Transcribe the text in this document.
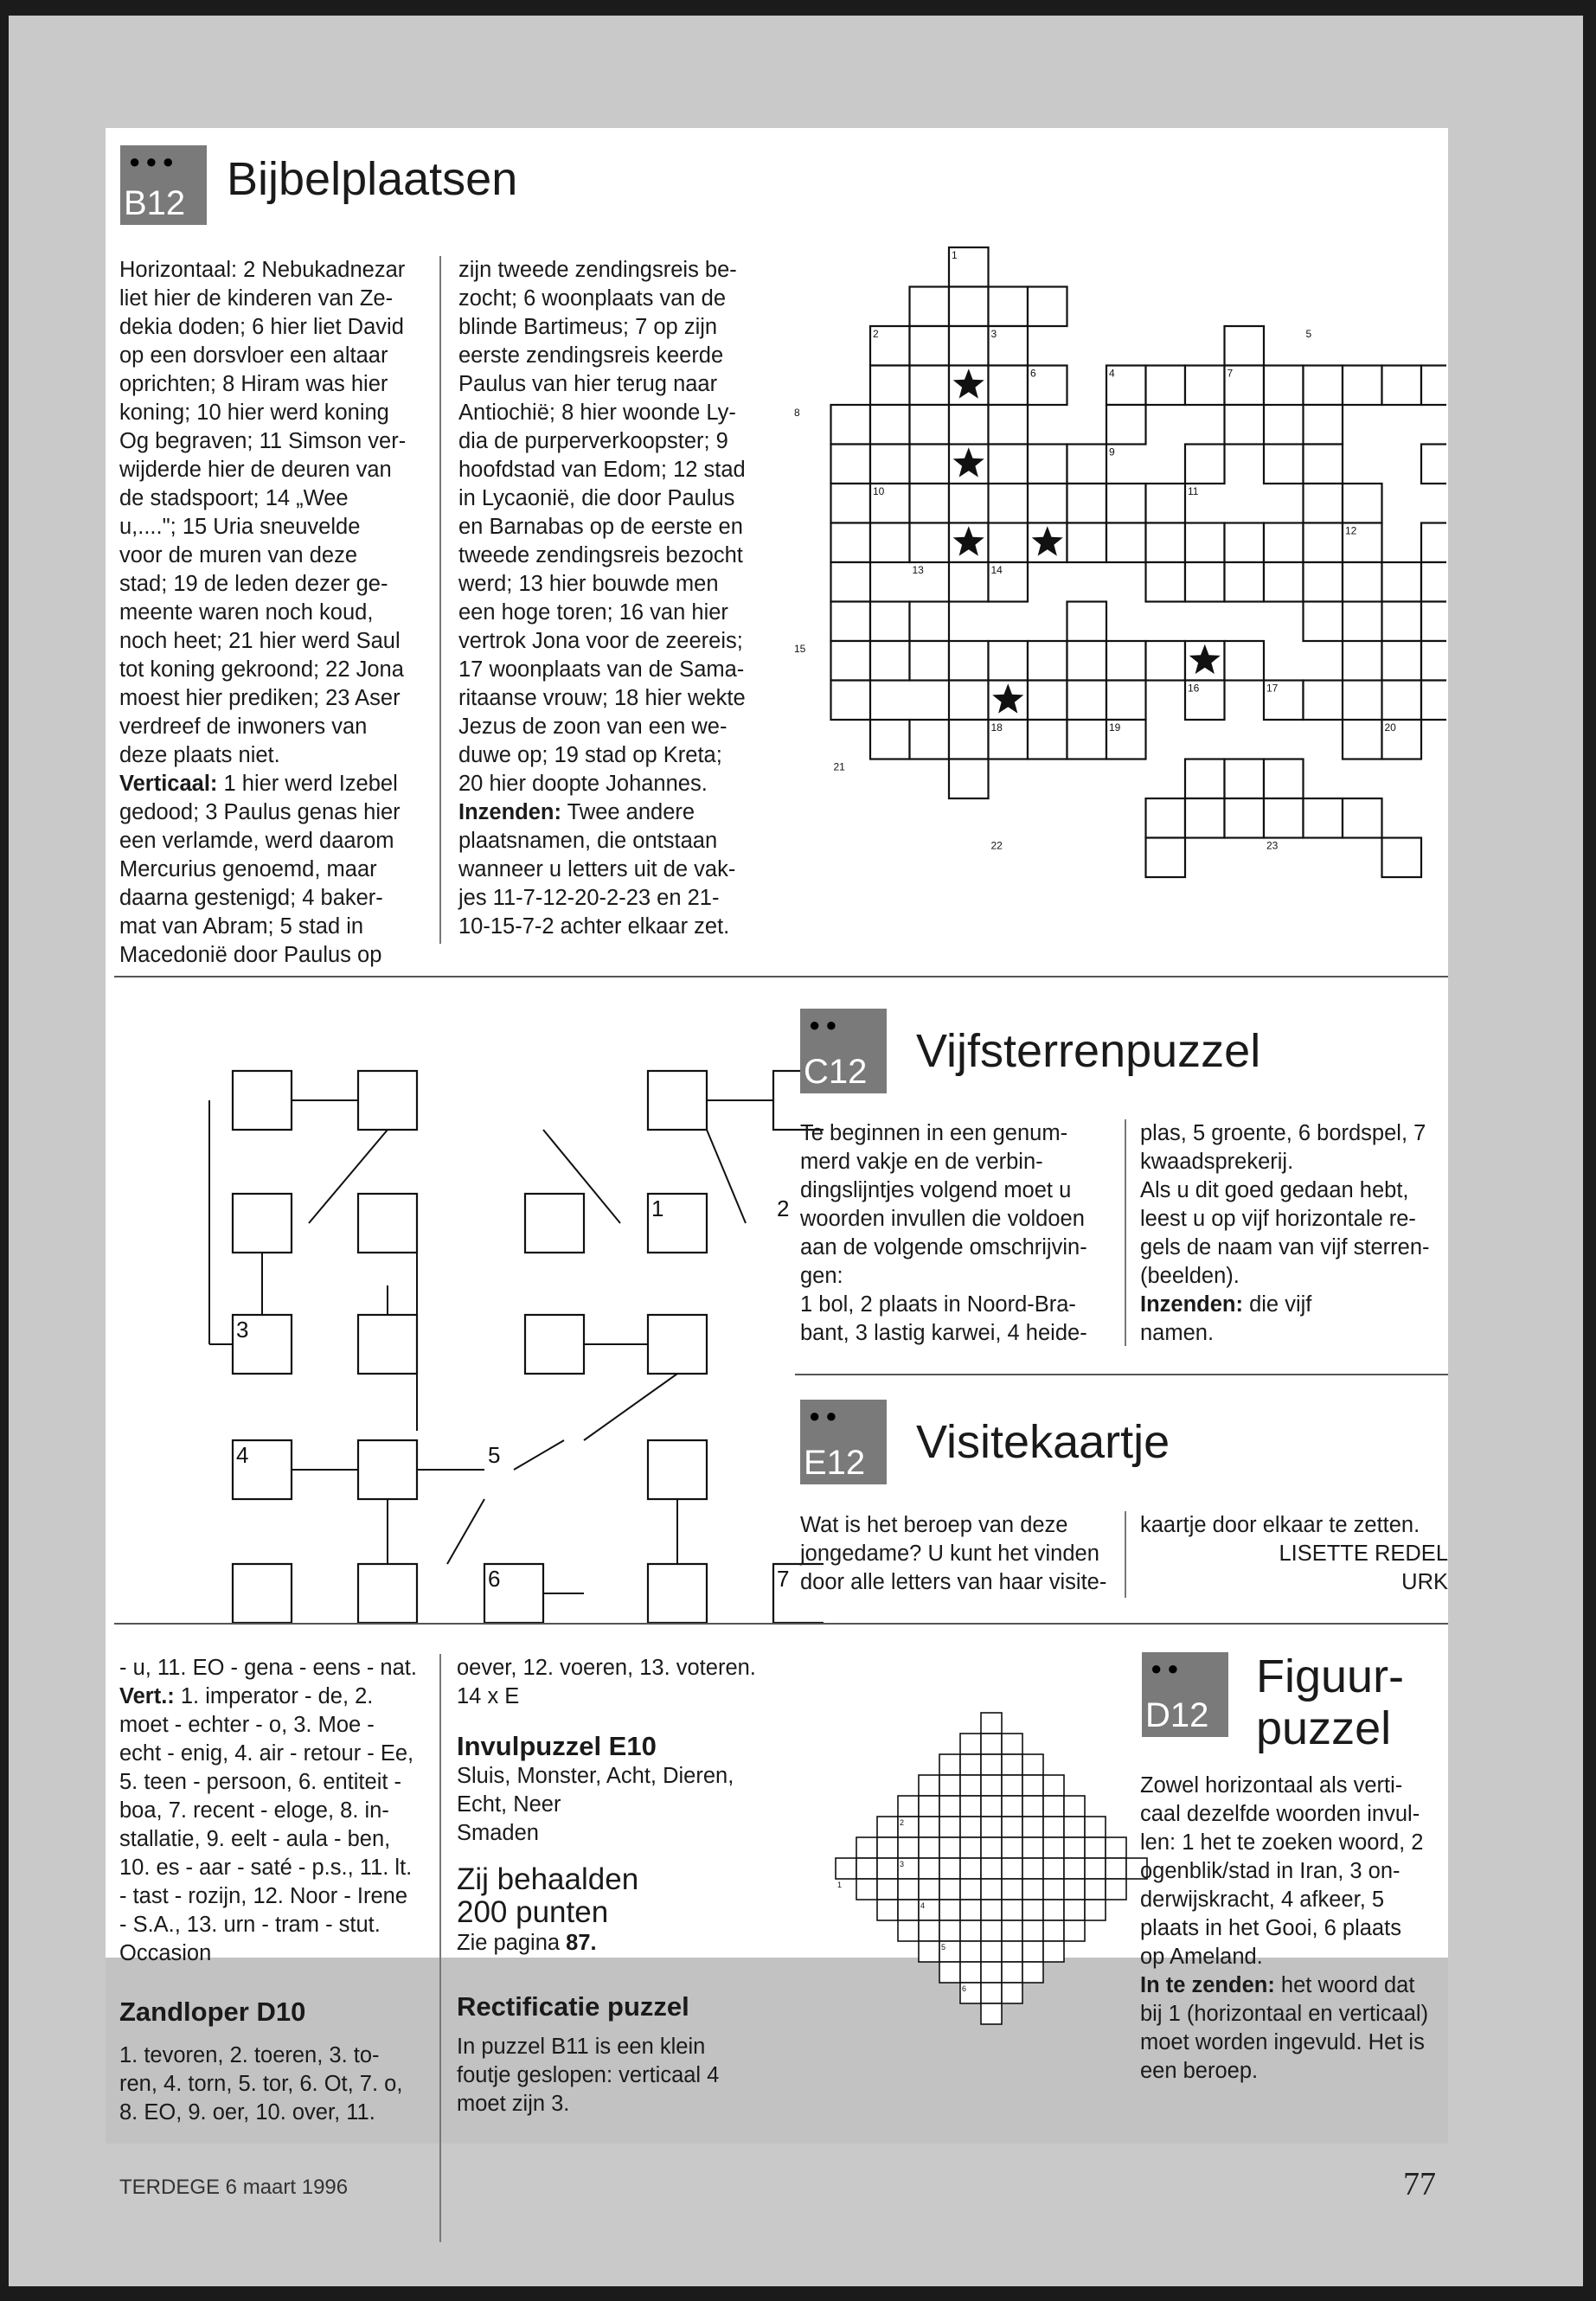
●●●
B12 Bijbelplaatsen
Horizontaal: 2 Nebukadnezar
liet hier de kinderen van Ze-
dekia doden; 6 hier liet David
op een dorsvloer een altaar
oprichten; 8 Hiram was hier
koning; 10 hier werd koning
Og begraven; 11 Simson ver-
wijderde hier de deuren van
de stadspoort; 14 „Wee
u,...."; 15 Uria sneuvelde
voor de muren van deze
stad; 19 de leden dezer ge-
meente waren noch koud,
noch heet; 21 hier werd Saul
tot koning gekroond; 22 Jona
moest hier prediken; 23 Aser
verdreef de inwoners van
deze plaats niet.
Verticaal: 1 hier werd Izebel
gedood; 3 Paulus genas hier
een verlamde, werd daarom
Mercurius genoemd, maar
daarna gestenigd; 4 baker-
mat van Abram; 5 stad in
Macedonië door Paulus op
zijn tweede zendingsreis be-
zocht; 6 woonplaats van de
blinde Bartimeus; 7 op zijn
eerste zendingsreis keerde
Paulus van hier terug naar
Antiochië; 8 hier woonde Ly-
dia de purperverkoopster; 9
hoofdstad van Edom; 12 stad
in Lycaonië, die door Paulus
en Barnabas op de eerste en
tweede zendingsreis bezocht
werd; 13 hier bouwde men
een hoge toren; 16 van hier
vertrok Jona voor de zeereis;
17 woonplaats van de Sama-
ritaanse vrouw; 18 hier wekte
Jezus de zoon van een we-
duwe op; 19 stad op Kreta;
20 hier doopte Johannes.
Inzenden: Twee andere
plaatsnamen, die ontstaan
wanneer u letters uit de vak-
jes 11-7-12-20-2-23 en 21-
10-15-7-2 achter elkaar zet.
1
2	3
4
5
6	7
8
9
10	11
12
13	14
15
16	17
18	19	20
21
22	23
1	2
3
4	5
6	7
●●
C12 Vijfsterrenpuzzel
Te beginnen in een genum-
merd vakje en de verbin-
dingslijntjes volgend moet u
woorden invullen die voldoen
aan de volgende omschrijvin-
gen:
1 bol, 2 plaats in Noord-Bra-
bant, 3 lastig karwei, 4 heide-
plas, 5 groente, 6 bordspel, 7
kwaadsprekerij.
Als u dit goed gedaan hebt,
leest u op vijf horizontale re-
gels de naam van vijf sterren-
(beelden).
Inzenden: die vijf
namen.
●●
E12 Visitekaartje
Wat is het beroep van deze
jongedame? U kunt het vinden
door alle letters van haar visite-
kaartje door elkaar te zetten.
LISETTE REDEL
URK
- u, 11. EO - gena - eens - nat.
Vert.: 1. imperator - de, 2.
moet - echter - o, 3. Moe -
echt - enig, 4. air - retour - Ee,
5. teen - persoon, 6. entiteit -
boa, 7. recent - eloge, 8. in-
stallatie, 9. eelt - aula - ben,
10. es - aar - saté - p.s., 11. lt.
- tast - rozijn, 12. Noor - Irene
- S.A., 13. urn - tram - stut.
Occasion
Zandloper D10
1. tevoren, 2. toeren, 3. to-
ren, 4. torn, 5. tor, 6. Ot, 7. o,
8. EO, 9. oer, 10. over, 11.
oever, 12. voeren, 13. voteren.
14 x E
Invulpuzzel E10
Sluis, Monster, Acht, Dieren,
Echt, Neer
Smaden
Zij behaalden
200 punten
Zie pagina 87.
Rectificatie puzzel
In puzzel B11 is een klein
foutje geslopen: verticaal 4
moet zijn 3.
1
2
3
4
5
6
●●
D12
Figuur-
puzzel
Zowel horizontaal als verti-
caal dezelfde woorden invul-
len: 1 het te zoeken woord, 2
ogenblik/stad in Iran, 3 on-
derwijskracht, 4 afkeer, 5
plaats in het Gooi, 6 plaats
op Ameland.
In te zenden: het woord dat
bij 1 (horizontaal en verticaal)
moet worden ingevuld. Het is
een beroep.
TERDEGE 6 maart 1996	77
